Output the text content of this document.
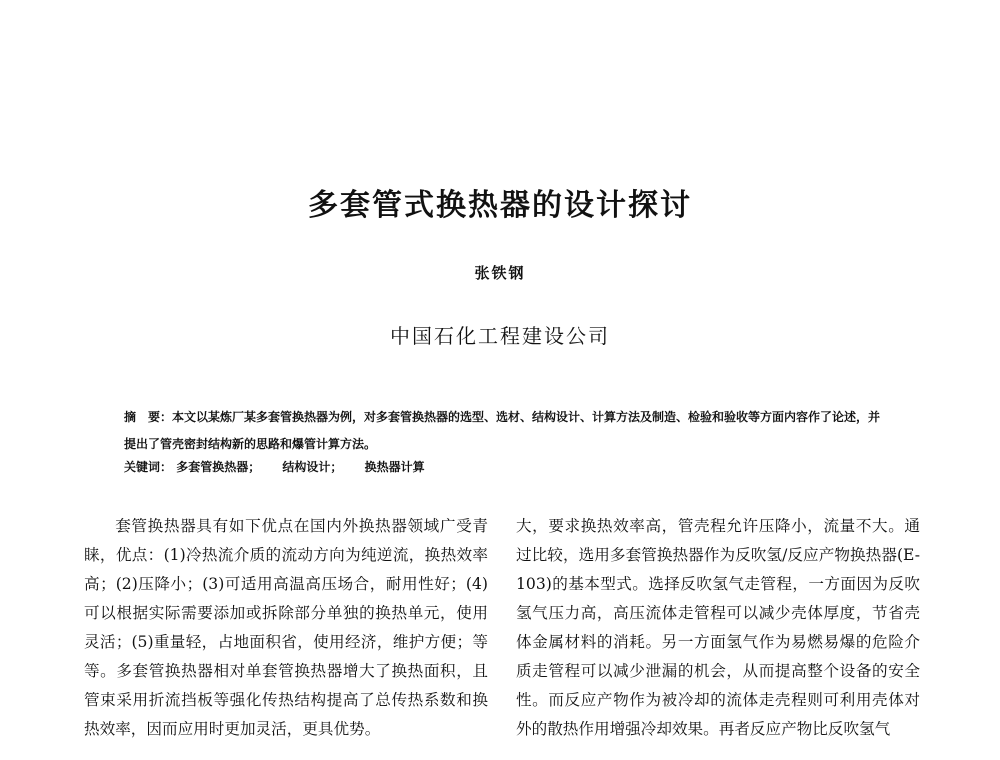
多套管式换热器的设计探讨
张铁钢
中国石化工程建设公司
摘　要：本文以某炼厂某多套管换热器为例，对多套管换热器的选型、选材、结构设计、计算方法及制造、检验和验收等方面内容作了论述，并提出了管壳密封结构新的思路和爆管计算方法。
关键词： 多套管换热器； 结构设计； 换热器计算

套管换热器具有如下优点在国内外换热器领域广受青睐，优点：(1)冷热流介质的流动方向为纯逆流，换热效率高；(2)压降小；(3)可适用高温高压场合，耐用性好；(4)可以根据实际需要添加或拆除部分单独的换热单元，使用灵活；(5)重量轻，占地面积省，使用经济，维护方便；等等。多套管换热器相对单套管换热器增大了换热面积，且管束采用折流挡板等强化传热结构提高了总传热系数和换热效率，因而应用时更加灵活，更具优势。

大，要求换热效率高，管壳程允许压降小，流量不大。通过比较，选用多套管换热器作为反吹氢/反应产物换热器(E-103)的基本型式。选择反吹氢气走管程，一方面因为反吹氢气压力高，高压流体走管程可以减少壳体厚度，节省壳体金属材料的消耗。另一方面氢气作为易燃易爆的危险介质走管程可以减少泄漏的机会，从而提高整个设备的安全性。而反应产物作为被冷却的流体走壳程则可利用壳体对外的散热作用增强冷却效果。再者反应产物比反吹氢气
